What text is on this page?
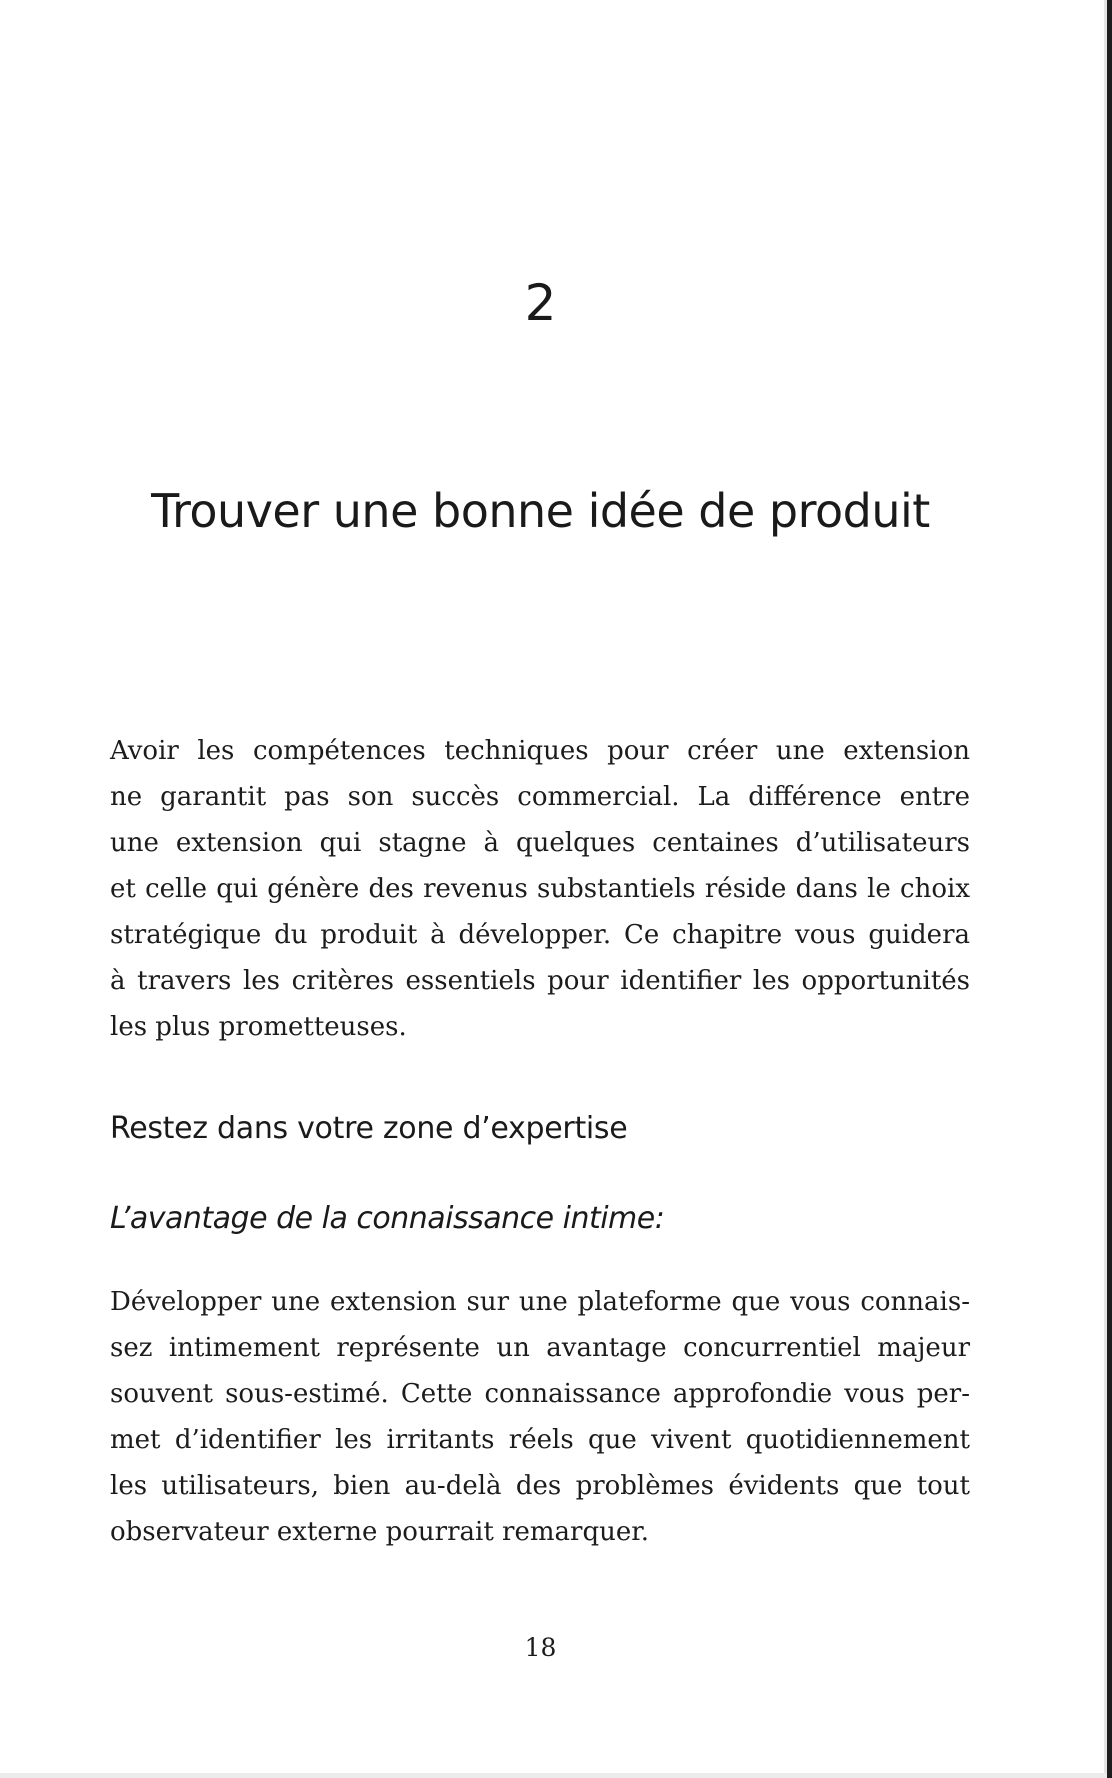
2
Trouver une bonne idée de produit
Avoir les compétences techniques pour créer une extension
ne garantit pas son succès commercial. La différence entre
une extension qui stagne à quelques centaines d’utilisateurs
et celle qui génère des revenus substantiels réside dans le choix
stratégique du produit à développer. Ce chapitre vous guidera
à travers les critères essentiels pour identifier les opportunités
les plus prometteuses.
Restez dans votre zone d’expertise
L’avantage de la connaissance intime:
Développer une extension sur une plateforme que vous connais-
sez intimement représente un avantage concurrentiel majeur
souvent sous-estimé. Cette connaissance approfondie vous per-
met d’identifier les irritants réels que vivent quotidiennement
les utilisateurs, bien au-delà des problèmes évidents que tout
observateur externe pourrait remarquer.
18
